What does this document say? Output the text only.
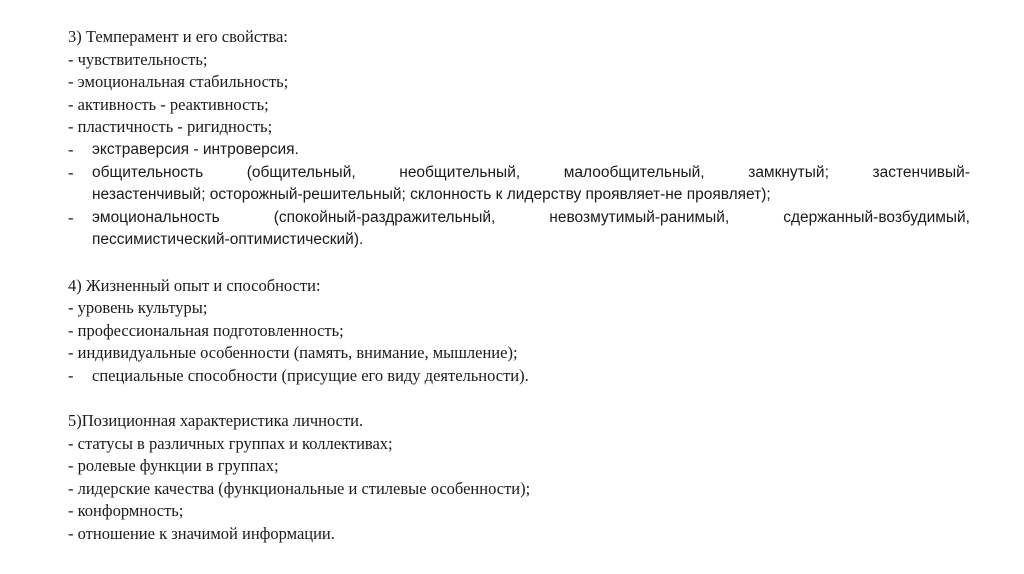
3) Темперамент и его свойства:
- чувствительность;
- эмоциональная стабильность;
- активность - реактивность;
- пластичность - ригидность;
-	экстраверсия - интроверсия.
-	общительность (общительный, необщительный, малообщительный, замкнутый; застенчивый-
незастенчивый; осторожный-решительный; склонность к лидерству проявляет-не проявляет);
-	эмоциональность (спокойный-раздражительный, невозмутимый-ранимый, сдержанный-возбудимый,
пессимистический-оптимистический).
4) Жизненный опыт и способности:
- уровень культуры;
- профессиональная подготовленность;
- индивидуальные особенности (память, внимание, мышление);
-	специальные способности (присущие его виду деятельности).
5)Позиционная характеристика личности.
- статусы в различных группах и коллективах;
- ролевые функции в группах;
- лидерские качества (функциональные и стилевые особенности);
- конформность;
- отношение к значимой информации.
